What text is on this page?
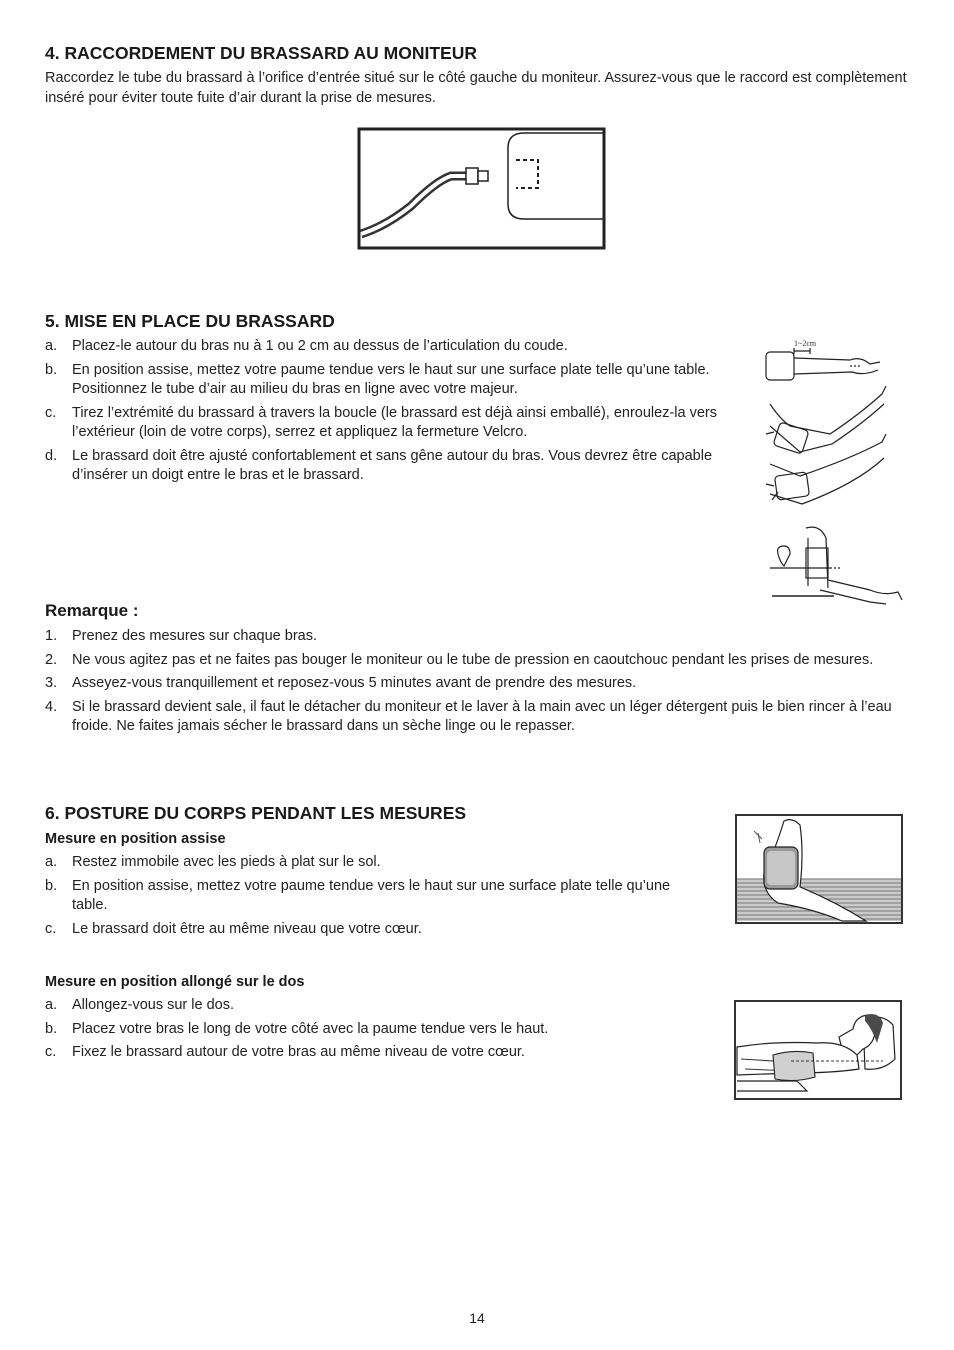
4. RACCORDEMENT DU BRASSARD AU MONITEUR
Raccordez le tube du brassard à l’orifice d’entrée situé sur le côté gauche du moniteur. Assurez-vous que le raccord est complètement inséré pour éviter toute fuite d’air durant la prise de mesures.
5. MISE EN PLACE DU BRASSARD
a. Placez-le autour du bras nu à 1 ou 2 cm au dessus de l’articulation du coude.
b. En position assise, mettez votre paume tendue vers le haut sur une surface plate telle qu’une table. Positionnez le tube d’air au milieu du bras en ligne avec votre majeur.
c. Tirez l’extrémité du brassard à travers la boucle (le brassard est déjà ainsi emballé), enroulez-la vers l’extérieur (loin de votre corps), serrez et appliquez la fermeture Velcro.
d. Le brassard doit être ajusté confortablement et sans gêne autour du bras. Vous devrez être capable d’insérer un doigt entre le bras et le brassard.
1~2cm
Remarque :
1. Prenez des mesures sur chaque bras.
2. Ne vous agitez pas et ne faites pas bouger le moniteur ou le tube de pression en caoutchouc pendant les prises de mesures.
3. Asseyez-vous tranquillement et reposez-vous 5 minutes avant de prendre des mesures.
4. Si le brassard devient sale, il faut le détacher du moniteur et le laver à la main avec un léger détergent puis le bien rincer à l’eau froide. Ne faites jamais sécher le brassard dans un sèche linge ou le repasser.
6. POSTURE DU CORPS PENDANT LES MESURES
Mesure en position assise
a. Restez immobile avec les pieds à plat sur le sol.
b. En position assise, mettez votre paume tendue vers le haut sur une surface plate telle qu’une table.
c. Le brassard doit être au même niveau que votre cœur.
Mesure en position allongé sur le dos
a. Allongez-vous sur le dos.
b. Placez votre bras le long de votre côté avec la paume tendue vers le haut.
c. Fixez le brassard autour de votre bras au même niveau de votre cœur.
14
